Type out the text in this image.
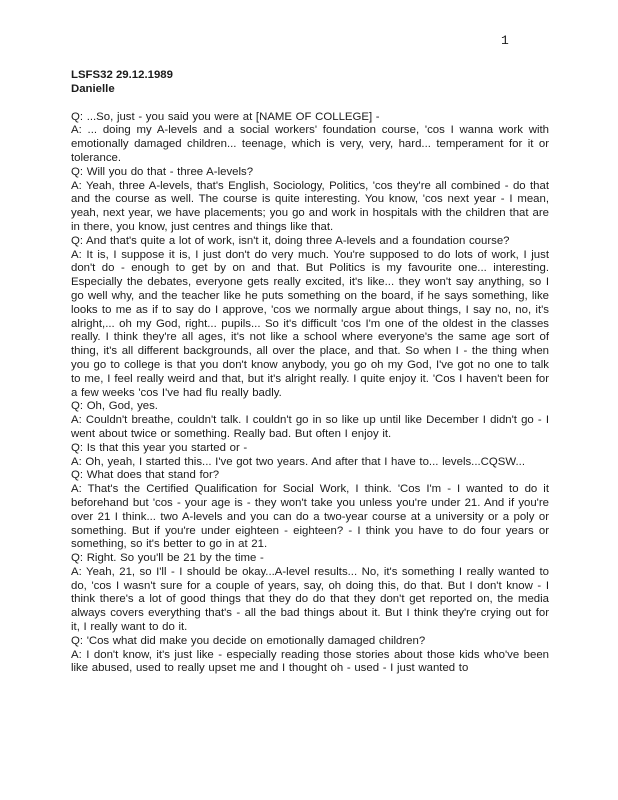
1
LSFS32 29.12.1989
Danielle

Q: ...So, just - you said you were at [NAME OF COLLEGE] -

A: ... doing my A-levels and a social workers' foundation course, 'cos I wanna work with emotionally damaged children... teenage, which is very, very, hard... temperament for it or tolerance.

Q: Will you do that - three A-levels?

A: Yeah, three A-levels, that's English, Sociology, Politics, 'cos they're all combined - do that and the course as well. The course is quite interesting. You know, 'cos next year - I mean, yeah, next year, we have placements; you go and work in hospitals with the children that are in there, you know, just centres and things like that.

Q: And that's quite a lot of work, isn't it, doing three A-levels and a foundation course?

A: It is, I suppose it is, I just don't do very much. You're supposed to do lots of work, I just don't do - enough to get by on and that. But Politics is my favourite one... interesting. Especially the debates, everyone gets really excited, it's like... they won't say anything, so I go well why, and the teacher like he puts something on the board, if he says something, like looks to me as if to say do I approve, 'cos we normally argue about things, I say no, no, it's alright,... oh my God, right... pupils... So it's difficult 'cos I'm one of the oldest in the classes really. I think they're all ages, it's not like a school where everyone's the same age sort of thing, it's all different backgrounds, all over the place, and that. So when I - the thing when you go to college is that you don't know anybody, you go oh my God, I've got no one to talk to me, I feel really weird and that, but it's alright really. I quite enjoy it. 'Cos I haven't been for a few weeks 'cos I've had flu really badly.

Q: Oh, God, yes.

A: Couldn't breathe, couldn't talk. I couldn't go in so like up until like December I didn't go - I went about twice or something. Really bad. But often I enjoy it.

Q: Is that this year you started or -

A: Oh, yeah, I started this... I've got two years. And after that I have to... levels...CQSW...

Q: What does that stand for?

A: That's the Certified Qualification for Social Work, I think. 'Cos I'm - I wanted to do it beforehand but 'cos - your age is - they won't take you unless you're under 21. And if you're over 21 I think... two A-levels and you can do a two-year course at a university or a poly or something. But if you're under eighteen - eighteen? - I think you have to do four years or something, so it's better to go in at 21.

Q: Right. So you'll be 21 by the time -

A: Yeah, 21, so I'll - I should be okay...A-level results... No, it's something I really wanted to do, 'cos I wasn't sure for a couple of years, say, oh doing this, do that. But I don't know - I think there's a lot of good things that they do do that they don't get reported on, the media always covers everything that's - all the bad things about it. But I think they're crying out for it, I really want to do it.

Q: 'Cos what did make you decide on emotionally damaged children?

A: I don't know, it's just like - especially reading those stories about those kids who've been like abused, used to really upset me and I thought oh - used - I just wanted to
